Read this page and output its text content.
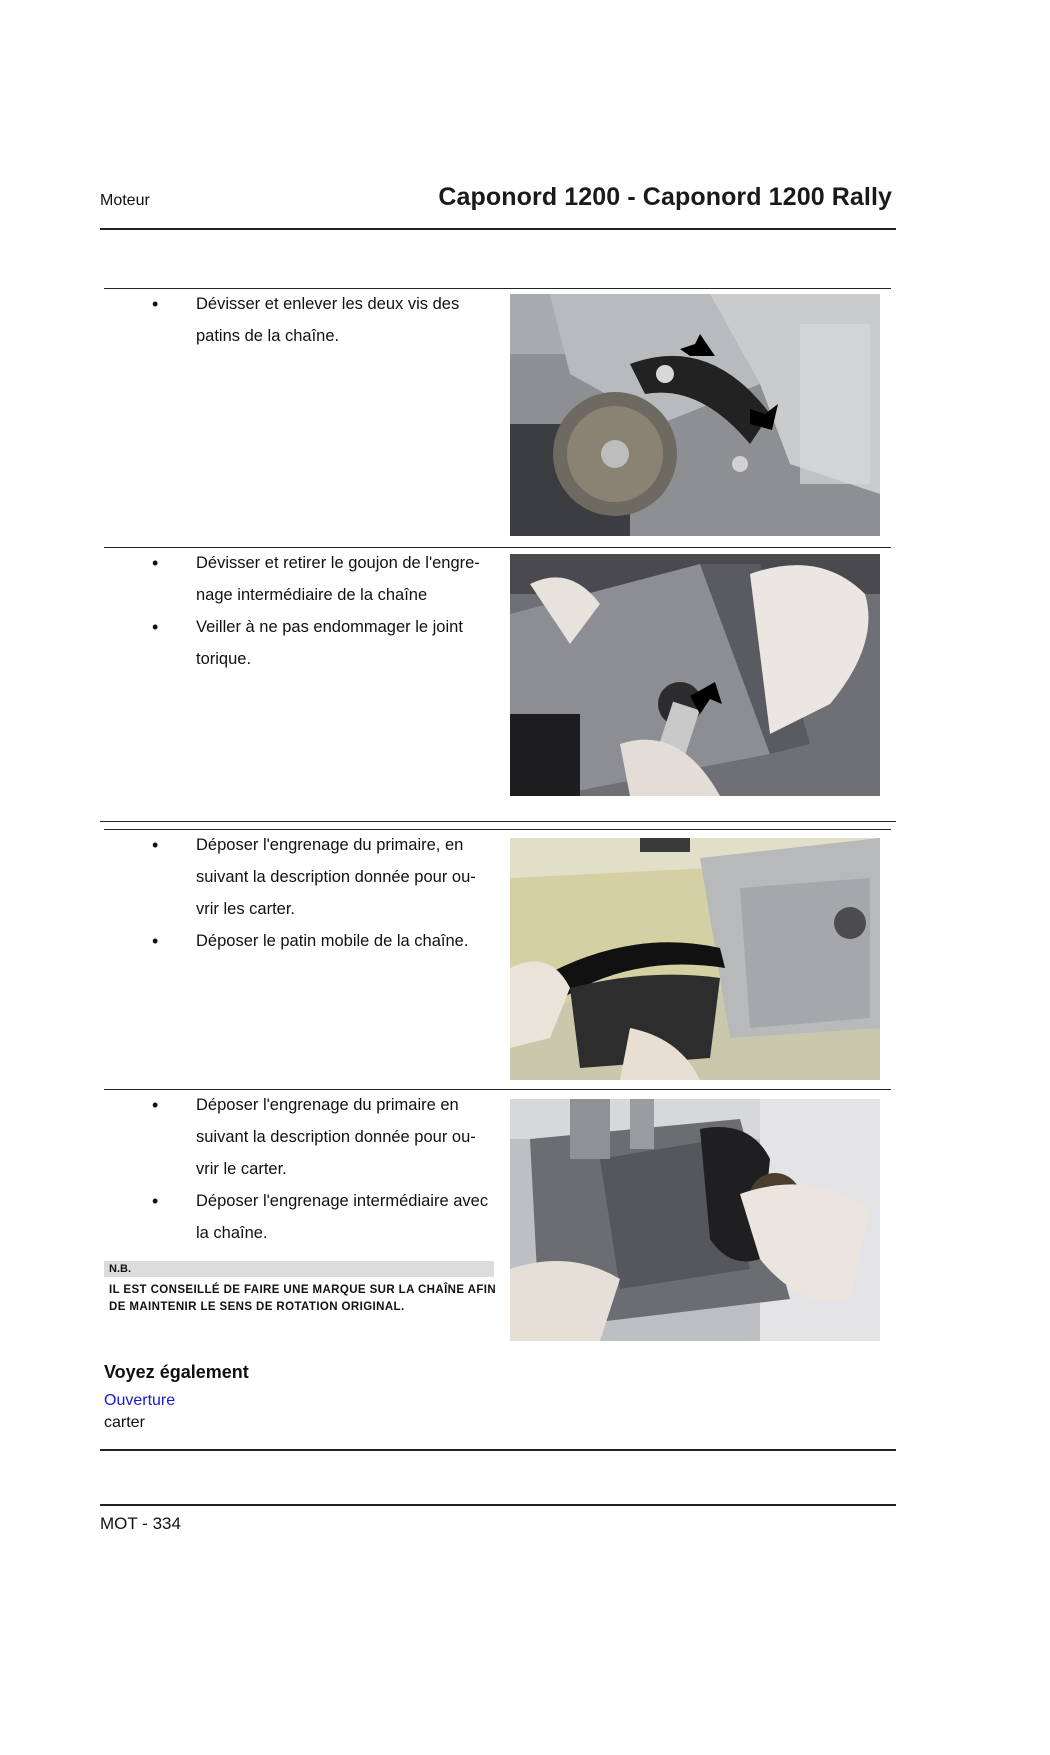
Moteur	Caponord 1200 - Caponord 1200 Rally
• Dévisser et enlever les deux vis des patins de la chaîne.
• Dévisser et retirer le goujon de l'engre-nage intermédiaire de la chaîne
• Veiller à ne pas endommager le joint torique.
• Déposer l'engrenage du primaire, en suivant la description donnée pour ou-vrir les carter.
• Déposer le patin mobile de la chaîne.
• Déposer l'engrenage du primaire en suivant la description donnée pour ou-vrir le carter.
• Déposer l'engrenage intermédiaire avec la chaîne.
N.B.
IL EST CONSEILLÉ DE FAIRE UNE MARQUE SUR LA CHAÎNE AFIN DE MAINTENIR LE SENS DE ROTATION ORIGINAL.
Voyez également
Ouverture
carter
MOT - 334
